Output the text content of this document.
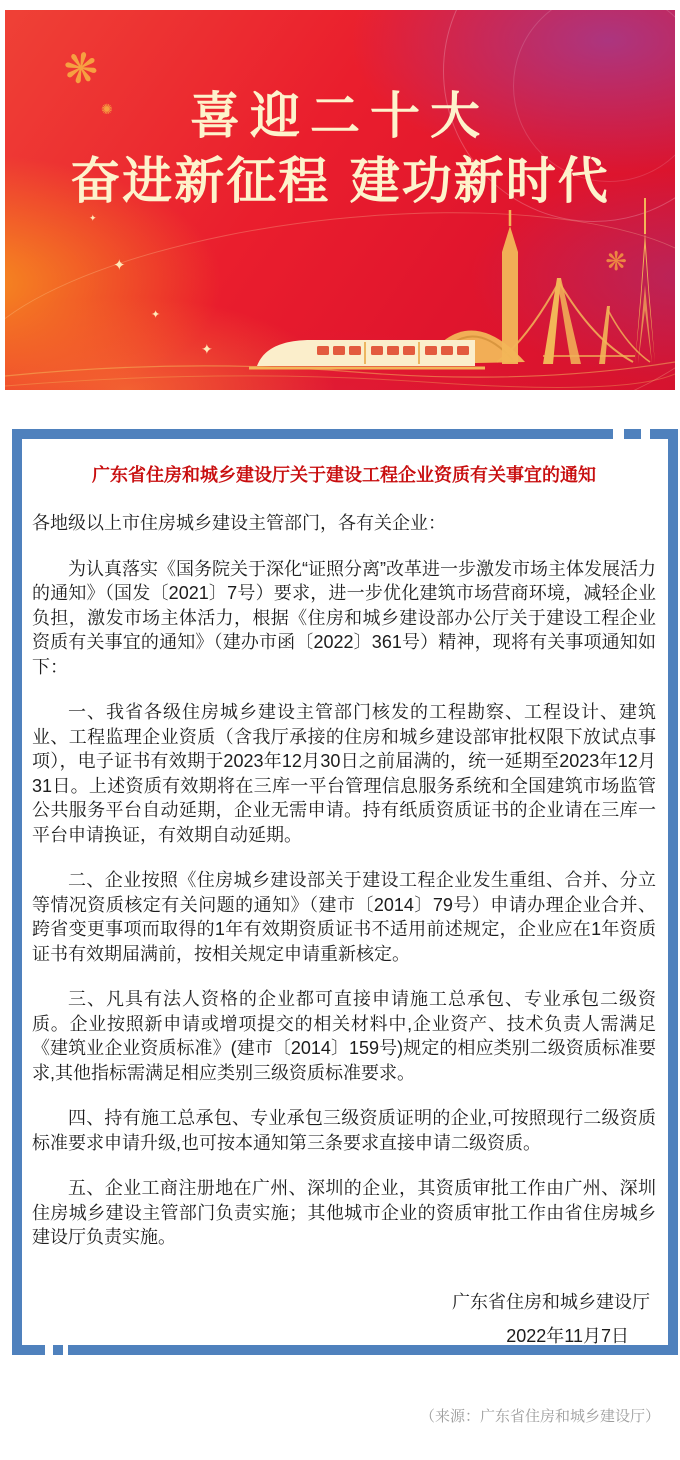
❋
✺
❋
✦
✦
✦
✦
喜迎二十大
奋进新征程 建功新时代

广东省住房和城乡建设厅关于建设工程企业资质有关事宜的通知

各地级以上市住房城乡建设主管部门，各有关企业：

为认真落实《国务院关于深化“证照分离”改革进一步激发市场主体发展活力的通知》（国发〔2021〕7号）要求，进一步优化建筑市场营商环境，减轻企业负担，激发市场主体活力，根据《住房和城乡建设部办公厅关于建设工程企业资质有关事宜的通知》（建办市函〔2022〕361号）精神，现将有关事项通知如下：

一、我省各级住房城乡建设主管部门核发的工程勘察、工程设计、建筑业、工程监理企业资质（含我厅承接的住房和城乡建设部审批权限下放试点事项），电子证书有效期于2023年12月30日之前届满的，统一延期至2023年12月31日。上述资质有效期将在三库一平台管理信息服务系统和全国建筑市场监管公共服务平台自动延期，企业无需申请。持有纸质资质证书的企业请在三库一平台申请换证，有效期自动延期。

二、企业按照《住房城乡建设部关于建设工程企业发生重组、合并、分立等情况资质核定有关问题的通知》（建市〔2014〕79号）申请办理企业合并、跨省变更事项而取得的1年有效期资质证书不适用前述规定，企业应在1年资质证书有效期届满前，按相关规定申请重新核定。

三、凡具有法人资格的企业都可直接申请施工总承包、专业承包二级资质。企业按照新申请或增项提交的相关材料中,企业资产、技术负责人需满足《建筑业企业资质标准》(建市〔2014〕159号)规定的相应类别二级资质标准要求,其他指标需满足相应类别三级资质标准要求。

四、持有施工总承包、专业承包三级资质证明的企业,可按照现行二级资质标准要求申请升级,也可按本通知第三条要求直接申请二级资质。

五、企业工商注册地在广州、深圳的企业，其资质审批工作由广州、深圳住房城乡建设主管部门负责实施；其他城市企业的资质审批工作由省住房城乡建设厅负责实施。

广东省住房和城乡建设厅

2022年11月7日

（来源：广东省住房和城乡建设厅）
